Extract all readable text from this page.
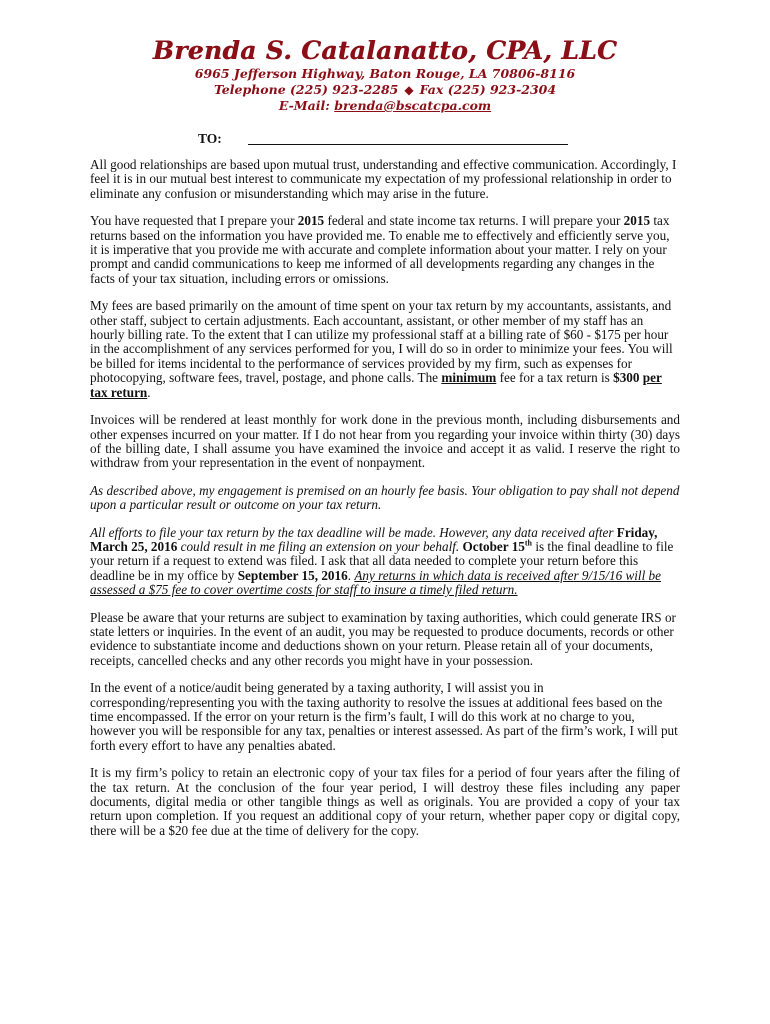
Brenda S. Catalanatto, CPA, LLC
6965 Jefferson Highway, Baton Rouge, LA 70806-8116
Telephone (225) 923-2285 ◆ Fax (225) 923-2304
E-Mail: brenda@bscatcpa.com
TO:

All good relationships are based upon mutual trust, understanding and effective communication. Accordingly, I feel it is in our mutual best interest to communicate my expectation of my professional relationship in order to eliminate any confusion or misunderstanding which may arise in the future.

You have requested that I prepare your 2015 federal and state income tax returns. I will prepare your 2015 tax returns based on the information you have provided me. To enable me to effectively and efficiently serve you, it is imperative that you provide me with accurate and complete information about your matter. I rely on your prompt and candid communications to keep me informed of all developments regarding any changes in the facts of your tax situation, including errors or omissions.

My fees are based primarily on the amount of time spent on your tax return by my accountants, assistants, and other staff, subject to certain adjustments. Each accountant, assistant, or other member of my staff has an hourly billing rate. To the extent that I can utilize my professional staff at a billing rate of $60 - $175 per hour in the accomplishment of any services performed for you, I will do so in order to minimize your fees. You will be billed for items incidental to the performance of services provided by my firm, such as expenses for photocopying, software fees, travel, postage, and phone calls. The minimum fee for a tax return is $300 per tax return.

Invoices will be rendered at least monthly for work done in the previous month, including disbursements and other expenses incurred on your matter. If I do not hear from you regarding your invoice within thirty (30) days of the billing date, I shall assume you have examined the invoice and accept it as valid. I reserve the right to withdraw from your representation in the event of nonpayment.

As described above, my engagement is premised on an hourly fee basis. Your obligation to pay shall not depend upon a particular result or outcome on your tax return.

All efforts to file your tax return by the tax deadline will be made. However, any data received after Friday, March 25, 2016 could result in me filing an extension on your behalf. October 15th is the final deadline to file your return if a request to extend was filed. I ask that all data needed to complete your return before this deadline be in my office by September 15, 2016. Any returns in which data is received after 9/15/16 will be assessed a $75 fee to cover overtime costs for staff to insure a timely filed return.

Please be aware that your returns are subject to examination by taxing authorities, which could generate IRS or state letters or inquiries. In the event of an audit, you may be requested to produce documents, records or other evidence to substantiate income and deductions shown on your return. Please retain all of your documents, receipts, cancelled checks and any other records you might have in your possession.

In the event of a notice/audit being generated by a taxing authority, I will assist you in corresponding/representing you with the taxing authority to resolve the issues at additional fees based on the time encompassed. If the error on your return is the firm’s fault, I will do this work at no charge to you, however you will be responsible for any tax, penalties or interest assessed. As part of the firm’s work, I will put forth every effort to have any penalties abated.

It is my firm’s policy to retain an electronic copy of your tax files for a period of four years after the filing of the tax return. At the conclusion of the four year period, I will destroy these files including any paper documents, digital media or other tangible things as well as originals. You are provided a copy of your tax return upon completion. If you request an additional copy of your return, whether paper copy or digital copy, there will be a $20 fee due at the time of delivery for the copy.
